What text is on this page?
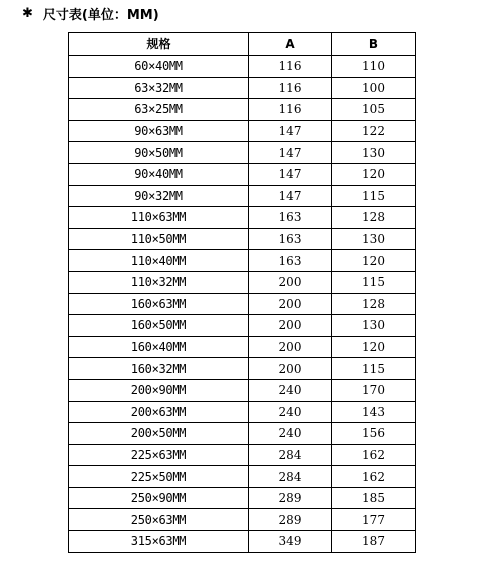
✱ 尺寸表(单位：MM)
规格	A	B
60×40MM	116	110
63×32MM	116	100
63×25MM	116	105
90×63MM	147	122
90×50MM	147	130
90×40MM	147	120
90×32MM	147	115
110×63MM	163	128
110×50MM	163	130
110×40MM	163	120
110×32MM	200	115
160×63MM	200	128
160×50MM	200	130
160×40MM	200	120
160×32MM	200	115
200×90MM	240	170
200×63MM	240	143
200×50MM	240	156
225×63MM	284	162
225×50MM	284	162
250×90MM	289	185
250×63MM	289	177
315×63MM	349	187
